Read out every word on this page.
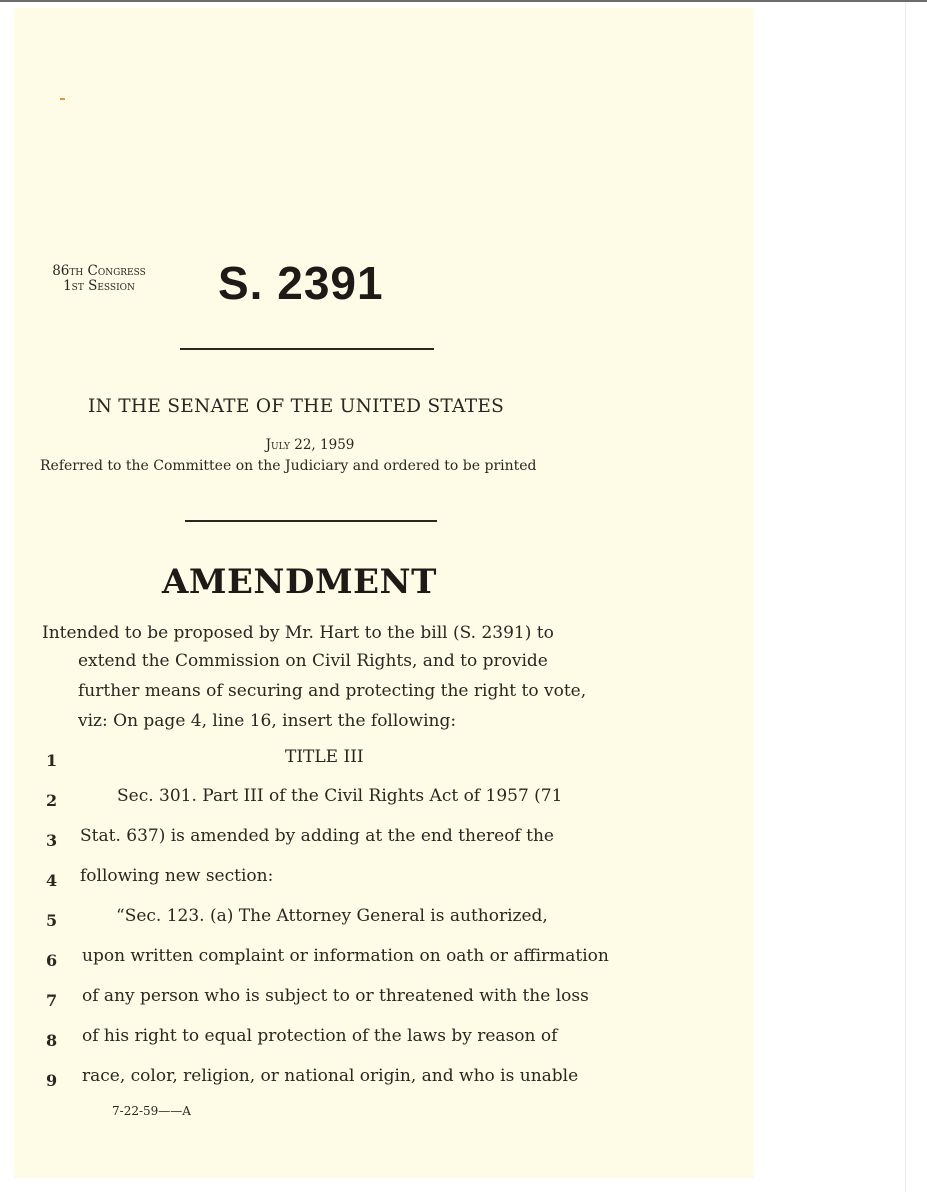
86th Congress
1st Session	S. 2391
IN THE SENATE OF THE UNITED STATES
July 22, 1959
Referred to the Committee on the Judiciary and ordered to be printed
AMENDMENT
Intended to be proposed by Mr. Hart to the bill (S. 2391) to
extend the Commission on Civil Rights, and to provide
further means of securing and protecting the right to vote,
viz: On page 4, line 16, insert the following:
1	TITLE III
2	Sec. 301. Part III of the Civil Rights Act of 1957 (71
3	Stat. 637) is amended by adding at the end thereof the
4	following new section:
5	“Sec. 123. (a) The Attorney General is authorized,
6	upon written complaint or information on oath or affirmation
7	of any person who is subject to or threatened with the loss
8	of his right to equal protection of the laws by reason of
9	race, color, religion, or national origin, and who is unable
7-22-59——A
